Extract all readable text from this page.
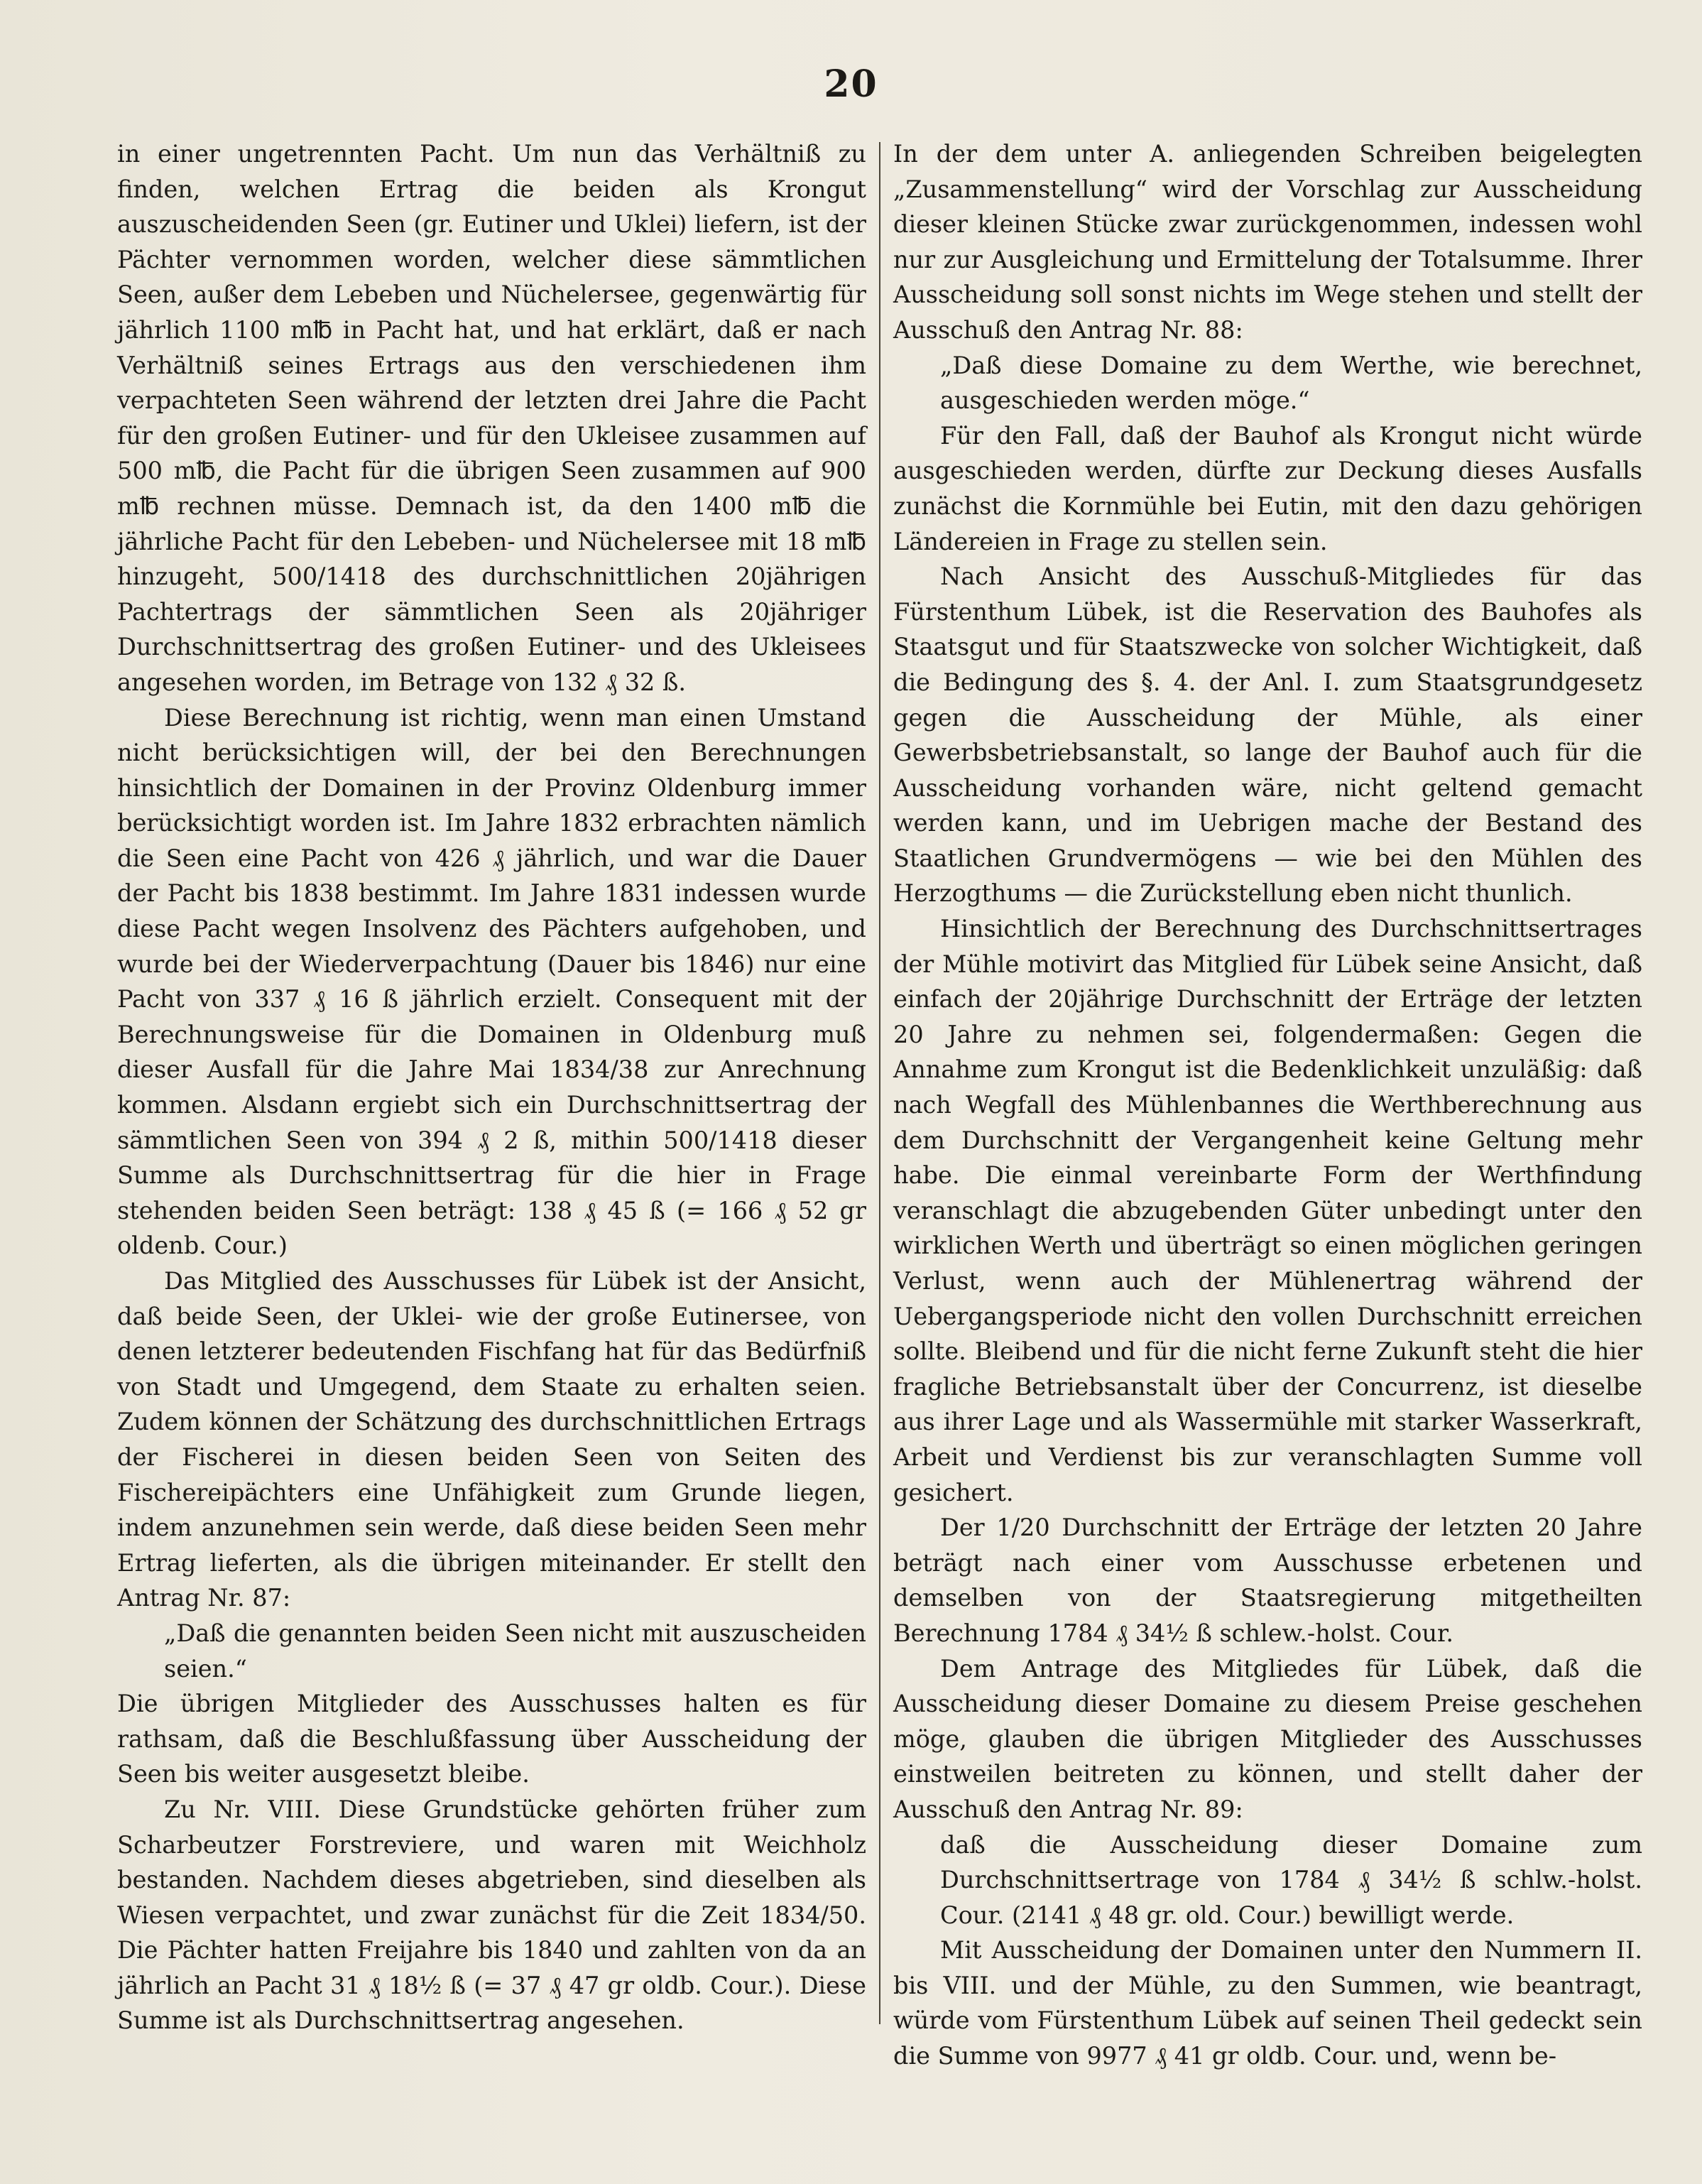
20

in einer ungetrennten Pacht. Um nun das Verhältniß zu finden, welchen Ertrag die beiden als Krongut auszuscheidenden Seen (gr. Eutiner und Uklei) liefern, ist der Pächter vernommen worden, welcher diese sämmtlichen Seen, außer dem Lebeben und Nüchelersee, gegenwärtig für jährlich 1100 m℔ in Pacht hat, und hat erklärt, daß er nach Verhältniß seines Ertrags aus den verschiedenen ihm verpachteten Seen während der letzten drei Jahre die Pacht für den großen Eutiner- und für den Ukleisee zusammen auf 500 m℔, die Pacht für die übrigen Seen zusammen auf 900 m℔ rechnen müsse. Demnach ist, da den 1400 m℔ die jährliche Pacht für den Lebeben- und Nüchelersee mit 18 m℔ hinzugeht, 500/1418 des durchschnittlichen 20jährigen Pachtertrags der sämmtlichen Seen als 20jähriger Durchschnittsertrag des großen Eutiner- und des Ukleisees angesehen worden, im Betrage von 132 ₰ 32 ß.

Diese Berechnung ist richtig, wenn man einen Umstand nicht berücksichtigen will, der bei den Berechnungen hinsichtlich der Domainen in der Provinz Oldenburg immer berücksichtigt worden ist. Im Jahre 1832 erbrachten nämlich die Seen eine Pacht von 426 ₰ jährlich, und war die Dauer der Pacht bis 1838 bestimmt. Im Jahre 1831 indessen wurde diese Pacht wegen Insolvenz des Pächters aufgehoben, und wurde bei der Wiederverpachtung (Dauer bis 1846) nur eine Pacht von 337 ₰ 16 ß jährlich erzielt. Consequent mit der Berechnungsweise für die Domainen in Oldenburg muß dieser Ausfall für die Jahre Mai 1834/38 zur Anrechnung kommen. Alsdann ergiebt sich ein Durchschnittsertrag der sämmtlichen Seen von 394 ₰ 2 ß, mithin 500/1418 dieser Summe als Durchschnittsertrag für die hier in Frage stehenden beiden Seen beträgt: 138 ₰ 45 ß (= 166 ₰ 52 gr oldenb. Cour.)

Das Mitglied des Ausschusses für Lübek ist der Ansicht, daß beide Seen, der Uklei- wie der große Eutinersee, von denen letzterer bedeutenden Fischfang hat für das Bedürfniß von Stadt und Umgegend, dem Staate zu erhalten seien. Zudem können der Schätzung des durchschnittlichen Ertrags der Fischerei in diesen beiden Seen von Seiten des Fischereipächters eine Unfähigkeit zum Grunde liegen, indem anzunehmen sein werde, daß diese beiden Seen mehr Ertrag lieferten, als die übrigen miteinander. Er stellt den Antrag Nr. 87:

„Daß die genannten beiden Seen nicht mit auszuscheiden seien.“

Die übrigen Mitglieder des Ausschusses halten es für rathsam, daß die Beschlußfassung über Ausscheidung der Seen bis weiter ausgesetzt bleibe.

Zu Nr. VIII. Diese Grundstücke gehörten früher zum Scharbeutzer Forstreviere, und waren mit Weichholz bestanden. Nachdem dieses abgetrieben, sind dieselben als Wiesen verpachtet, und zwar zunächst für die Zeit 1834/50. Die Pächter hatten Freijahre bis 1840 und zahlten von da an jährlich an Pacht 31 ₰ 18½ ß (= 37 ₰ 47 gr oldb. Cour.). Diese Summe ist als Durchschnittsertrag angesehen.

In der dem unter A. anliegenden Schreiben beigelegten „Zusammenstellung“ wird der Vorschlag zur Ausscheidung dieser kleinen Stücke zwar zurückgenommen, indessen wohl nur zur Ausgleichung und Ermittelung der Totalsumme. Ihrer Ausscheidung soll sonst nichts im Wege stehen und stellt der Ausschuß den Antrag Nr. 88:

„Daß diese Domaine zu dem Werthe, wie berechnet, ausgeschieden werden möge.“

Für den Fall, daß der Bauhof als Krongut nicht würde ausgeschieden werden, dürfte zur Deckung dieses Ausfalls zunächst die Kornmühle bei Eutin, mit den dazu gehörigen Ländereien in Frage zu stellen sein.

Nach Ansicht des Ausschuß-Mitgliedes für das Fürstenthum Lübek, ist die Reservation des Bauhofes als Staatsgut und für Staatszwecke von solcher Wichtigkeit, daß die Bedingung des §. 4. der Anl. I. zum Staatsgrundgesetz gegen die Ausscheidung der Mühle, als einer Gewerbsbetriebsanstalt, so lange der Bauhof auch für die Ausscheidung vorhanden wäre, nicht geltend gemacht werden kann, und im Uebrigen mache der Bestand des Staatlichen Grundvermögens — wie bei den Mühlen des Herzogthums — die Zurückstellung eben nicht thunlich.

Hinsichtlich der Berechnung des Durchschnittsertrages der Mühle motivirt das Mitglied für Lübek seine Ansicht, daß einfach der 20jährige Durchschnitt der Erträge der letzten 20 Jahre zu nehmen sei, folgendermaßen: Gegen die Annahme zum Krongut ist die Bedenklichkeit unzuläßig: daß nach Wegfall des Mühlenbannes die Werthberechnung aus dem Durchschnitt der Vergangenheit keine Geltung mehr habe. Die einmal vereinbarte Form der Werthfindung veranschlagt die abzugebenden Güter unbedingt unter den wirklichen Werth und überträgt so einen möglichen geringen Verlust, wenn auch der Mühlenertrag während der Uebergangsperiode nicht den vollen Durchschnitt erreichen sollte. Bleibend und für die nicht ferne Zukunft steht die hier fragliche Betriebsanstalt über der Concurrenz, ist dieselbe aus ihrer Lage und als Wassermühle mit starker Wasserkraft, Arbeit und Verdienst bis zur veranschlagten Summe voll gesichert.

Der 1/20 Durchschnitt der Erträge der letzten 20 Jahre beträgt nach einer vom Ausschusse erbetenen und demselben von der Staatsregierung mitgetheilten Berechnung 1784 ₰ 34½ ß schlew.-holst. Cour.

Dem Antrage des Mitgliedes für Lübek, daß die Ausscheidung dieser Domaine zu diesem Preise geschehen möge, glauben die übrigen Mitglieder des Ausschusses einstweilen beitreten zu können, und stellt daher der Ausschuß den Antrag Nr. 89:

daß die Ausscheidung dieser Domaine zum Durchschnittsertrage von 1784 ₰ 34½ ß schlw.-holst. Cour. (2141 ₰ 48 gr. old. Cour.) bewilligt werde.

Mit Ausscheidung der Domainen unter den Nummern II. bis VIII. und der Mühle, zu den Summen, wie beantragt, würde vom Fürstenthum Lübek auf seinen Theil gedeckt sein die Summe von 9977 ₰ 41 gr oldb. Cour. und, wenn be-
